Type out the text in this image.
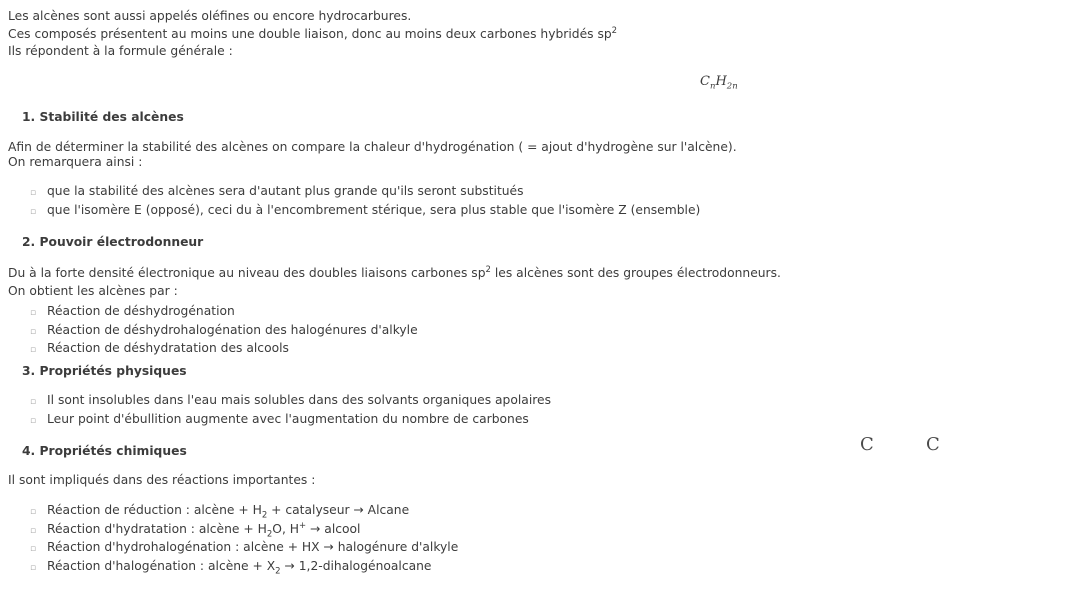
Les alcènes sont aussi appelés oléfines ou encore hydrocarbures.
Ces composés présentent au moins une double liaison, donc au moins deux carbones hybridés $sp^2$
Ils répondent à la formule générale :
$C_nH_{2n}$
1. Stabilité des alcènes
Afin de déterminer la stabilité des alcènes on compare la chaleur d'hydrogénation ( = ajout d'hydrogène sur l'alcène).
On remarquera ainsi :
▫ que la stabilité des alcènes sera d'autant plus grande qu'ils seront substitués
▫ que l'isomère E (opposé), ceci du à l'encombrement stérique, sera plus stable que l'isomère Z (ensemble)
2. Pouvoir électrodonneur
Du à la forte densité électronique au niveau des doubles liaisons carbones $sp^2$ les alcènes sont des groupes électrodonneurs.
On obtient les alcènes par :
▫ Réaction de déshydrogénation
▫ Réaction de déshydrohalogénation des halogénures d'alkyle
▫ Réaction de déshydratation des alcools
3. Propriétés physiques
▫ Il sont insolubles dans l'eau mais solubles dans des solvants organiques apolaires
▫ Leur point d'ébullition augmente avec l'augmentation du nombre de carbones
4. Propriétés chimiques	C	C
Il sont impliqués dans des réactions importantes :
▫ Réaction de réduction : alcène + $H_2$ + catalyseur → Alcane
▫ Réaction d'hydratation : alcène + $H_2O$, H+ → alcool
▫ Réaction d'hydrohalogénation : alcène + HX → halogénure d'alkyle
▫ Réaction d'halogénation : alcène + $X_2$ → 1,2-dihalogénoalcane
